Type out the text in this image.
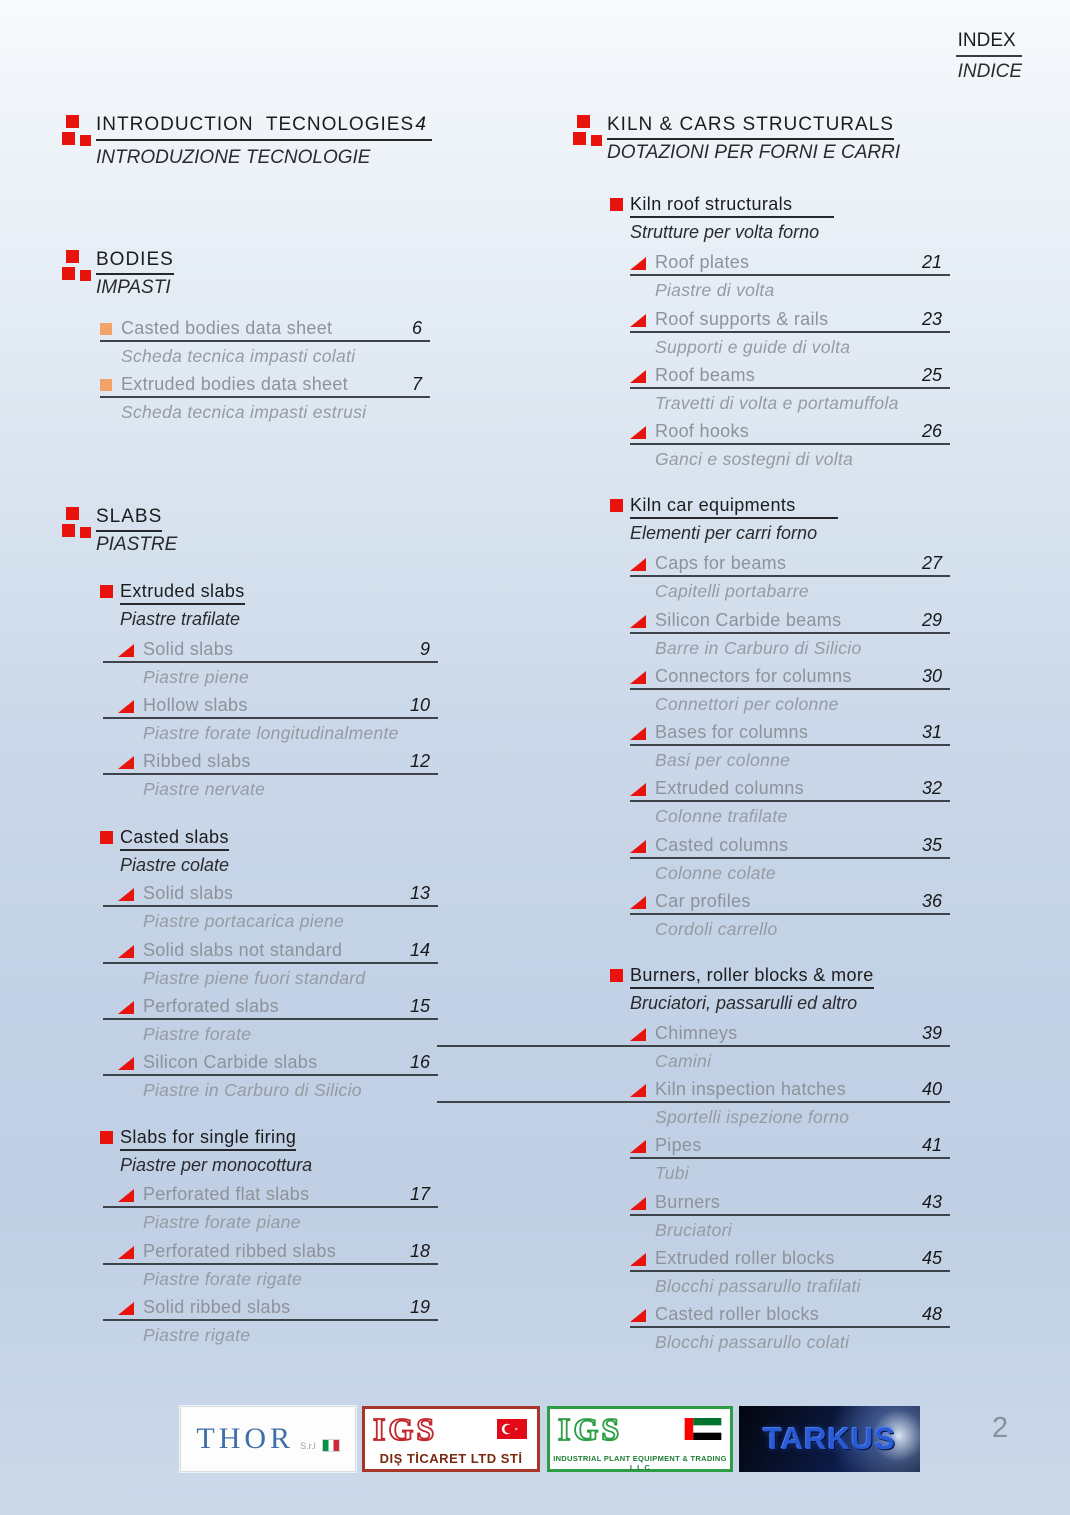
INDEX
INDICE
INTRODUCTION  TECNOLOGIES 4
INTRODUZIONE TECNOLOGIE
BODIES
IMPASTI
Casted bodies data sheet	6
Scheda tecnica impasti colati
Extruded bodies data sheet	7
Scheda tecnica impasti estrusi
SLABS
PIASTRE
Extruded slabs
Piastre trafilate
Solid slabs	9
Piastre piene
Hollow slabs	10
Piastre forate longitudinalmente
Ribbed slabs	12
Piastre nervate
Casted slabs
Piastre colate
Solid slabs	13
Piastre portacarica piene
Solid slabs not standard	14
Piastre piene fuori standard
Perforated slabs	15
Piastre forate
Silicon Carbide slabs	16
Piastre in Carburo di Silicio
Slabs for single firing
Piastre per monocottura
Perforated flat slabs	17
Piastre forate piane
Perforated ribbed slabs	18
Piastre forate rigate
Solid ribbed slabs	19
Piastre rigate
KILN & CARS STRUCTURALS
DOTAZIONI PER FORNI E CARRI
Kiln roof structurals
Strutture per volta forno
Roof plates	21
Piastre di volta
Roof supports & rails	23
Supporti e guide di volta
Roof beams	25
Travetti di volta e portamuffola
Roof hooks	26
Ganci e sostegni di volta
Kiln car equipments
Elementi per carri forno
Caps for beams	27
Capitelli portabarre
Silicon Carbide beams	29
Barre in Carburo di Silicio
Connectors for columns	30
Connettori per colonne
Bases for columns	31
Basi per colonne
Extruded columns	32
Colonne trafilate
Casted columns	35
Colonne colate
Car profiles	36
Cordoli carrello
Burners, roller blocks & more
Bruciatori, passarulli ed altro
Chimneys	39
Camini
Kiln inspection hatches	40
Sportelli ispezione forno
Pipes	41
Tubi
Burners	43
Bruciatori
Extruded roller blocks	45
Blocchi passarullo trafilati
Casted roller blocks	48
Blocchi passarullo colati
THOR S.r.l IGS
DIŞ TİCARET LTD STİ
IGS
INDUSTRIAL PLANT EQUIPMENT & TRADING L.L.C
TARKUS	2
